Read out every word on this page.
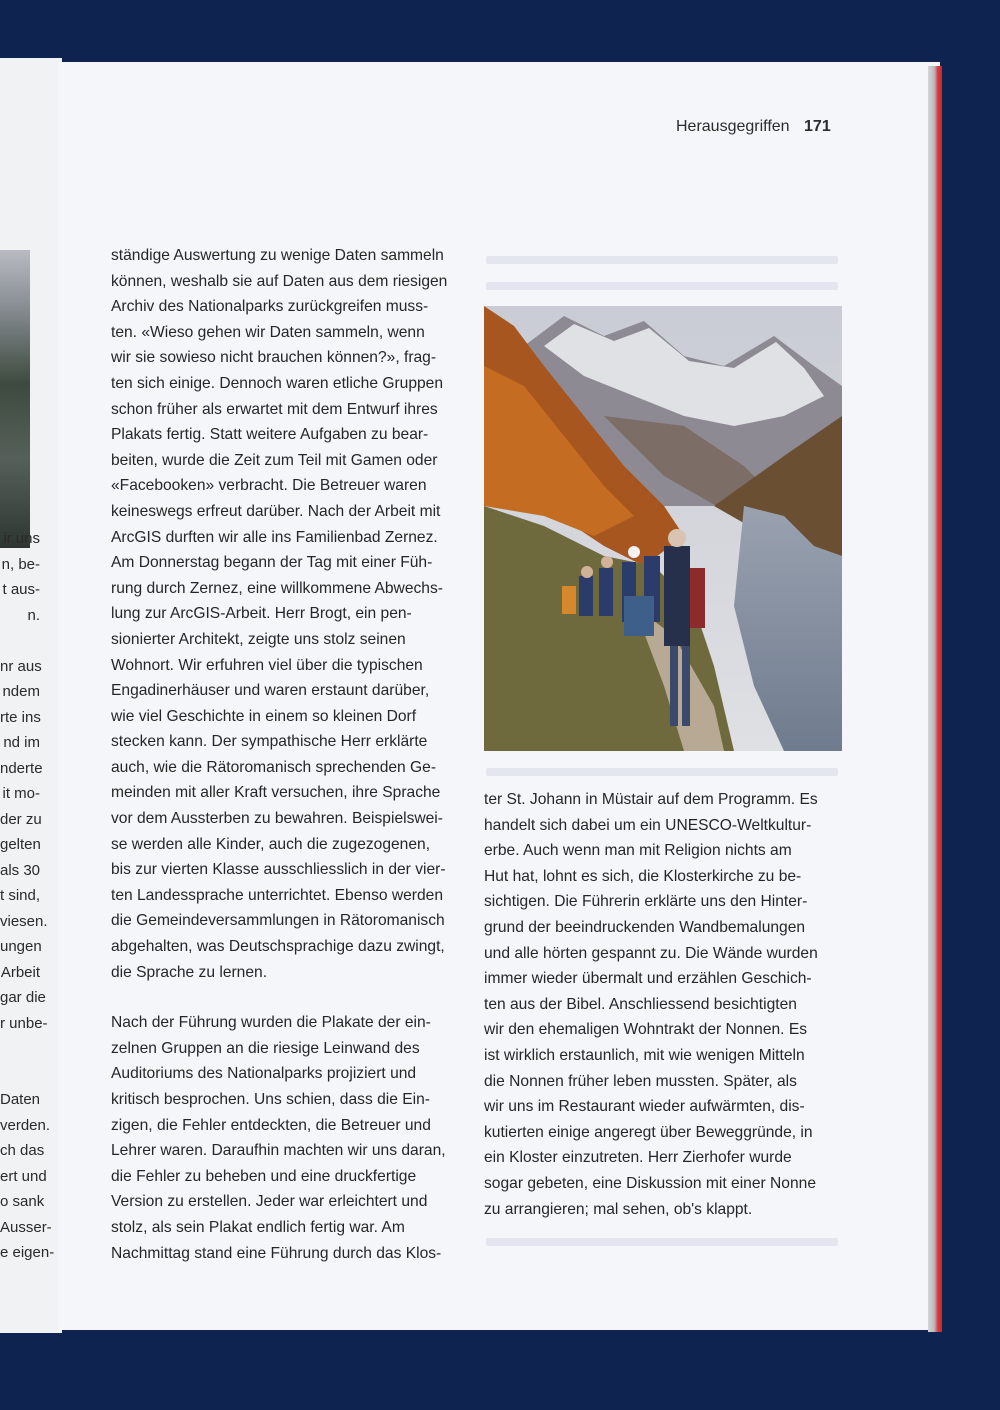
ir uns
n, be-
t aus-
n.

nr aus
ndem
rte ins
nd im
nderte
it mo-
der zu
gelten
als 30
t sind,
viesen.
ungen
Arbeit
gar die
r unbe-

Daten
verden.
ch das
ert und
o sank
Ausser-
e eigen-
Herausgegriffen 171

ständige Auswertung zu wenige Daten sammeln
können, weshalb sie auf Daten aus dem riesigen
Archiv des Nationalparks zurückgreifen muss-
ten. «Wieso gehen wir Daten sammeln, wenn
wir sie sowieso nicht brauchen können?», frag-
ten sich einige. Dennoch waren etliche Gruppen
schon früher als erwartet mit dem Entwurf ihres
Plakats fertig. Statt weitere Aufgaben zu bear-
beiten, wurde die Zeit zum Teil mit Gamen oder
«Facebooken» verbracht. Die Betreuer waren
keineswegs erfreut darüber. Nach der Arbeit mit
ArcGIS durften wir alle ins Familienbad Zernez.
Am Donnerstag begann der Tag mit einer Füh-
rung durch Zernez, eine willkommene Abwechs-
lung zur ArcGIS-Arbeit. Herr Brogt, ein pen-
sionierter Architekt, zeigte uns stolz seinen
Wohnort. Wir erfuhren viel über die typischen
Engadinerhäuser und waren erstaunt darüber,
wie viel Geschichte in einem so kleinen Dorf
stecken kann. Der sympathische Herr erklärte
auch, wie die Rätoromanisch sprechenden Ge-
meinden mit aller Kraft versuchen, ihre Sprache
vor dem Aussterben zu bewahren. Beispielswei-
se werden alle Kinder, auch die zugezogenen,
bis zur vierten Klasse ausschliesslich in der vier-
ten Landessprache unterrichtet. Ebenso werden
die Gemeindeversammlungen in Rätoromanisch
abgehalten, was Deutschsprachige dazu zwingt,
die Sprache zu lernen.

Nach der Führung wurden die Plakate der ein-
zelnen Gruppen an die riesige Leinwand des
Auditoriums des Nationalparks projiziert und
kritisch besprochen. Uns schien, dass die Ein-
zigen, die Fehler entdeckten, die Betreuer und
Lehrer waren. Daraufhin machten wir uns daran,
die Fehler zu beheben und eine druckfertige
Version zu erstellen. Jeder war erleichtert und
stolz, als sein Plakat endlich fertig war. Am
Nachmittag stand eine Führung durch das Klos-

ter St. Johann in Müstair auf dem Programm. Es
handelt sich dabei um ein UNESCO-Weltkultur-
erbe. Auch wenn man mit Religion nichts am
Hut hat, lohnt es sich, die Klosterkirche zu be-
sichtigen. Die Führerin erklärte uns den Hinter-
grund der beeindruckenden Wandbemalungen
und alle hörten gespannt zu. Die Wände wurden
immer wieder übermalt und erzählen Geschich-
ten aus der Bibel. Anschliessend besichtigten
wir den ehemaligen Wohntrakt der Nonnen. Es
ist wirklich erstaunlich, mit wie wenigen Mitteln
die Nonnen früher leben mussten. Später, als
wir uns im Restaurant wieder aufwärmten, dis-
kutierten einige angeregt über Beweggründe, in
ein Kloster einzutreten. Herr Zierhofer wurde
sogar gebeten, eine Diskussion mit einer Nonne
zu arrangieren; mal sehen, ob's klappt.
